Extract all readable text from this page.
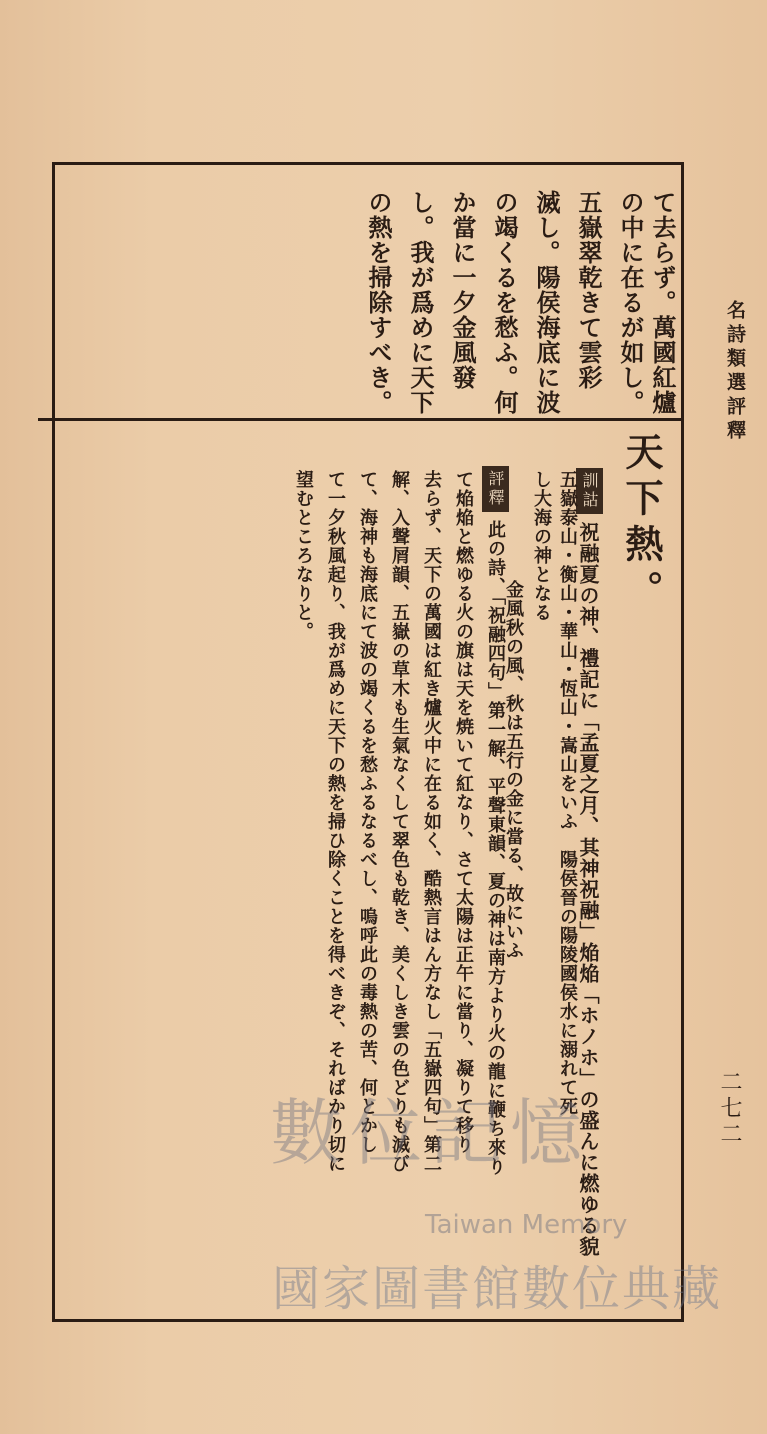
名詩類選評釋
二七二
て去らず。萬國紅爐
の中に在るが如し。
五嶽翠乾きて雲彩
滅し。陽侯海底に波
の竭くるを愁ふ。何
か當に一夕金風發
し。我が爲めに天下
の熱を掃除すべき。
天下熱。
訓詁
祝融夏の神、禮記に「孟夏之月、其神祝融」焔焔「ホノホ」の盛んに燃ゆる貌
五嶽泰山・衡山・華山・恆山・嵩山をいふ　陽侯晉の陽陵國侯水に溺れて死し大海の神となる
金風秋の風、秋は五行の金に當る、故にいふ
評釋
此の詩、「祝融四句」第一解、平聲東韻、夏の神は南方より火の龍に鞭ち來り
て焔焔と燃ゆる火の旗は天を焼いて紅なり、さて太陽は正午に當り、凝りて移り
去らず、天下の萬國は紅き爐火中に在る如く、酷熱言はん方なし「五嶽四句」第二
解、入聲屑韻、五嶽の草木も生氣なくして翠色も乾き、美くしき雲の色どりも滅び
て、海神も海底にて波の竭くるを愁ふるなるべし、嗚呼此の毒熱の苦、何とかし
て一夕秋風起り、我が爲めに天下の熱を掃ひ除くことを得べきぞ、そればかり切に
望むところなりと。
數位記憶
Taiwan Memory
國家圖書館數位典藏
